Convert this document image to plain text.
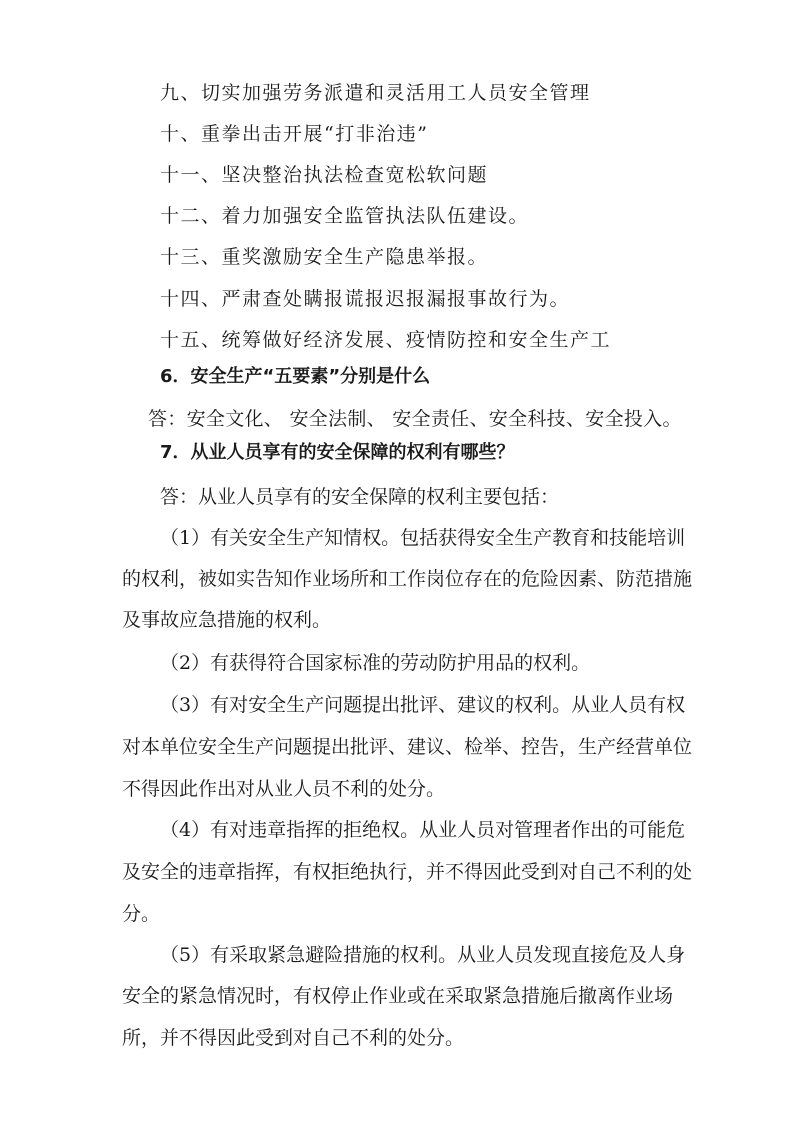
九、切实加强劳务派遣和灵活用工人员安全管理
十、重拳出击开展“打非治违”
十一、坚决整治执法检查宽松软问题
十二、着力加强安全监管执法队伍建设。
十三、重奖激励安全生产隐患举报。
十四、严肃查处瞒报谎报迟报漏报事故行为。
十五、统筹做好经济发展、疫情防控和安全生产工
6．安全生产“五要素”分别是什么
答：安全文化、 安全法制、 安全责任、安全科技、安全投入。
7．从业人员享有的安全保障的权利有哪些？
答：从业人员享有的安全保障的权利主要包括：
（1）有关安全生产知情权。包括获得安全生产教育和技能培训
的权利，被如实告知作业场所和工作岗位存在的危险因素、防范措施
及事故应急措施的权利。
（2）有获得符合国家标准的劳动防护用品的权利。
（3）有对安全生产问题提出批评、建议的权利。从业人员有权
对本单位安全生产问题提出批评、建议、检举、控告，生产经营单位
不得因此作出对从业人员不利的处分。
（4）有对违章指挥的拒绝权。从业人员对管理者作出的可能危
及安全的违章指挥，有权拒绝执行，并不得因此受到对自己不利的处
分。
（5）有采取紧急避险措施的权利。从业人员发现直接危及人身
安全的紧急情况时，有权停止作业或在采取紧急措施后撤离作业场
所，并不得因此受到对自己不利的处分。
